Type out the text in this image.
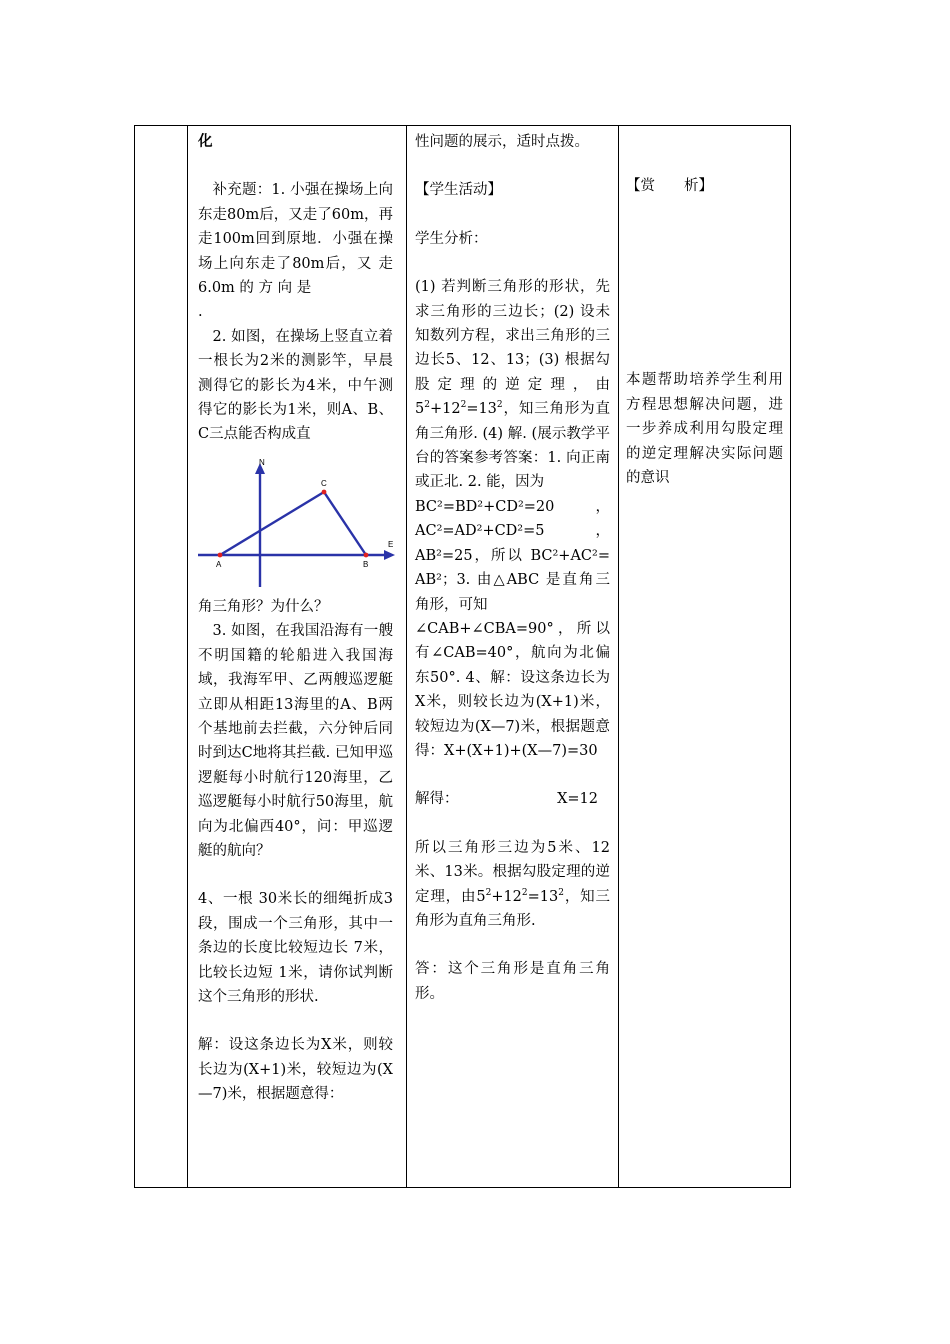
化

补充题：1. 小强在操场上向东走80m后，又走了60m，再走100m回到原地．小强在操场上向东走了80m后，又 走 6.0m 的 方 向 是

.

2. 如图，在操场上竖直立着一根长为2米的测影竿，早晨测得它的影长为4米，中午测得它的影长为1米，则A、B、C三点能否构成直

N
E
A	B
C

角三角形？为什么？

3. 如图，在我国沿海有一艘不明国籍的轮船进入我国海域，我海军甲、乙两艘巡逻艇立即从相距13海里的A、B两个基地前去拦截，六分钟后同时到达C地将其拦截. 已知甲巡逻艇每小时航行120海里，乙巡逻艇每小时航行50海里，航向为北偏西40°，问：甲巡逻艇的航向？

4、一根 30米长的细绳折成3段，围成一个三角形，其中一条边的长度比较短边长 7米，比较长边短 1米，请你试判断这个三角形的形状.

解：设这条边长为X米，则较长边为(X+1)米，较短边为(X—7)米，根据题意得：

性问题的展示，适时点拨。

【学生活动】

学生分析：

(1) 若判断三角形的形状，先求三角形的三边长；(2) 设未知数列方程，求出三角形的三边长5、12、13；(3) 根据勾股定理的逆定理，由$5^2+12^2=13^2$，知三角形为直角三角形. (4) 解. (展示教学平台的答案参考答案：1. 向正南或正北. 2. 能，因为

BC²=BD²+CD²=20，AC²=AD²+CD²=5，AB²=25，所以 BC²+AC²= AB²；3. 由△ABC 是直角三角形，可知

∠CAB+∠CBA=90°，所以有∠CAB=40°，航向为北偏东50°. 4、解：设这条边长为X米，则较长边为(X+1)米，较短边为(X—7)米，根据题意得：X+(X+1)+(X—7)=30

解得：	X=12

所以三角形三边为5米、12米、13米。根据勾股定理的逆定理，由$5^2+12^2=13^2$，知三角形为直角三角形.

答：这个三角形是直角三角形。

【赏　　析】

本题帮助培养学生利用方程思想解决问题，进一步养成利用勾股定理的逆定理解决实际问题的意识
